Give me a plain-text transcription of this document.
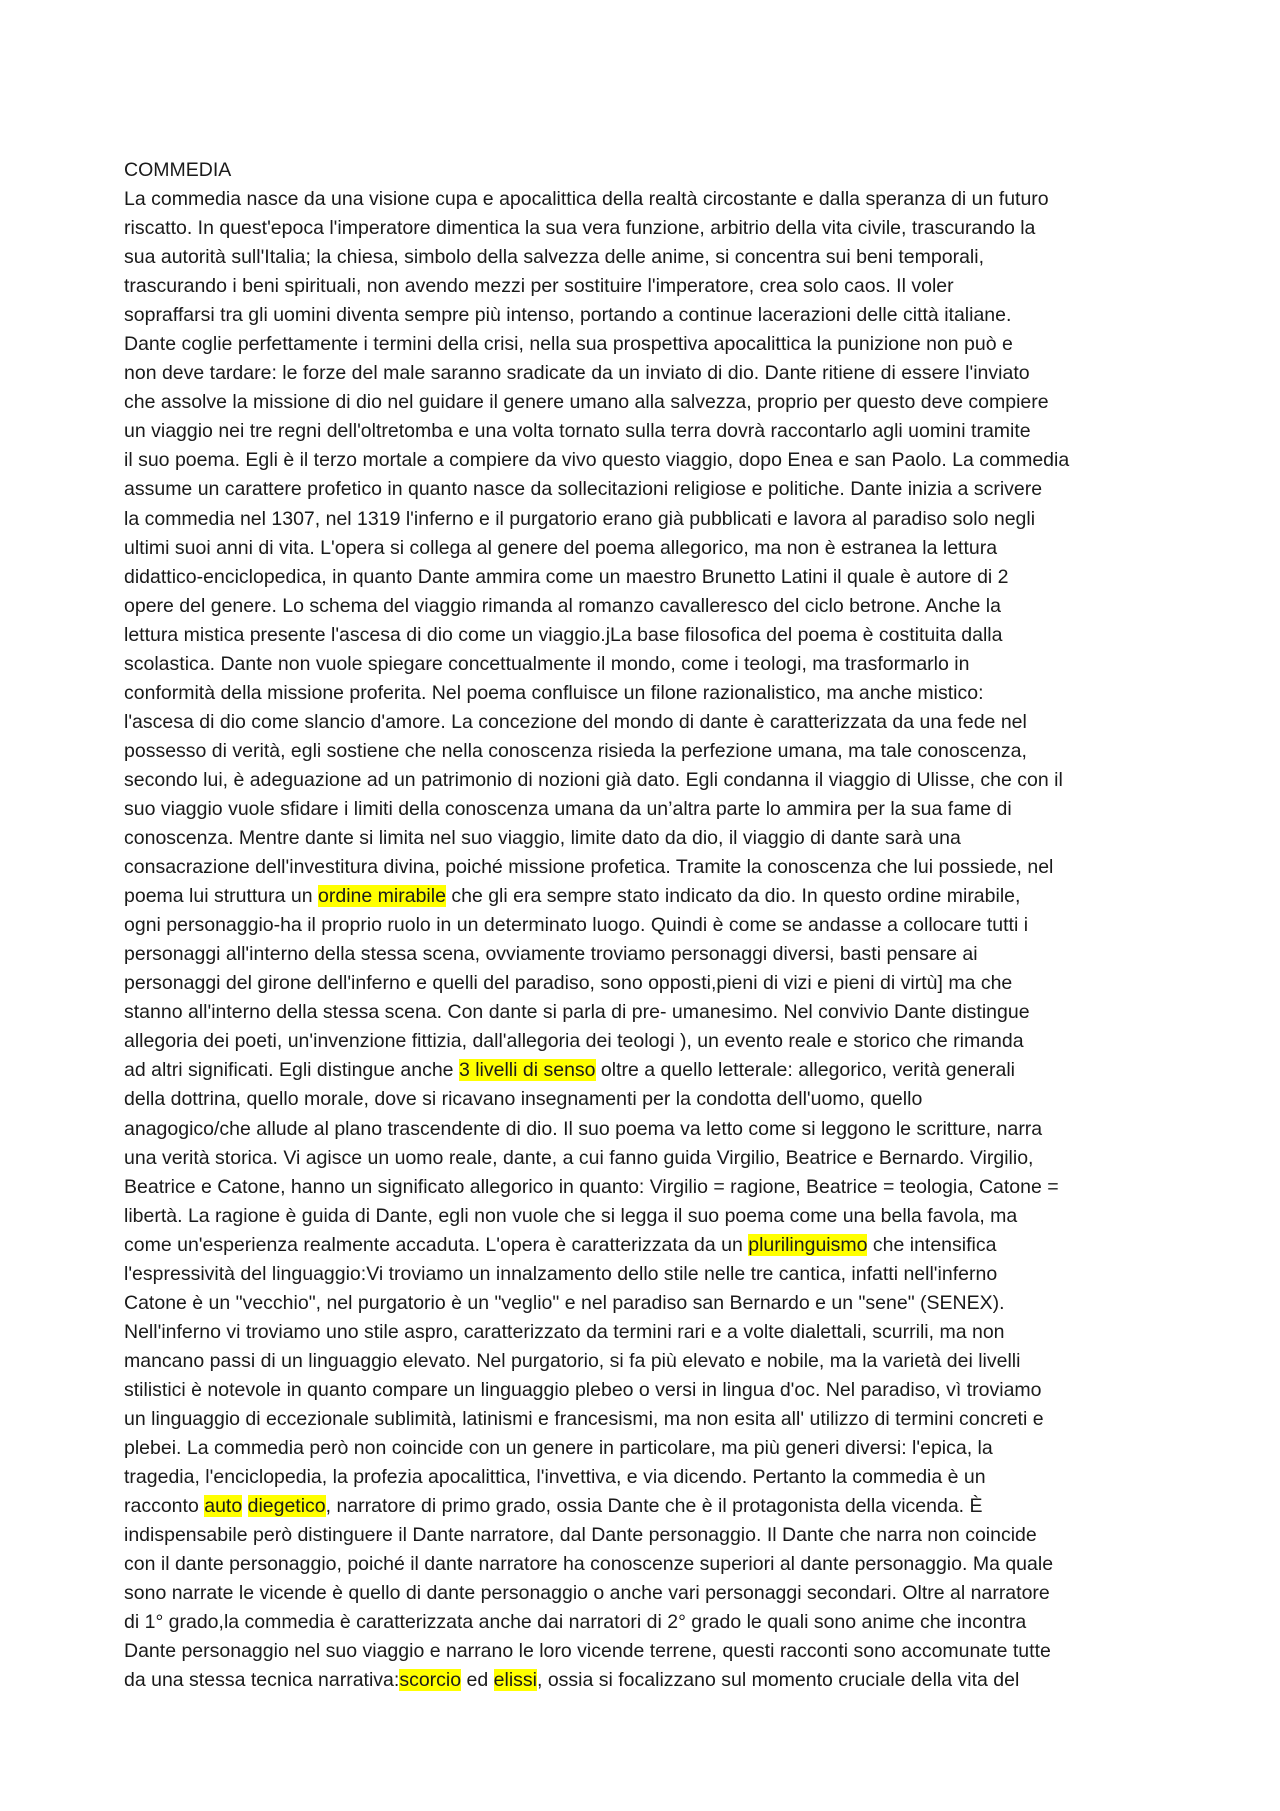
COMMEDIA
La commedia nasce da una visione cupa e apocalittica della realtà circostante e dalla speranza di un futuro
riscatto. In quest'epoca l'imperatore dimentica la sua vera funzione, arbitrio della vita civile, trascurando la
sua autorità sull'Italia; la chiesa, simbolo della salvezza delle anime, si concentra sui beni temporali,
trascurando i beni spirituali, non avendo mezzi per sostituire l'imperatore, crea solo caos. Il voler
sopraffarsi tra gli uomini diventa sempre più intenso, portando a continue lacerazioni delle città italiane.
Dante coglie perfettamente i termini della crisi, nella sua prospettiva apocalittica la punizione non può e
non deve tardare: le forze del male saranno sradicate da un inviato di dio. Dante ritiene di essere l'inviato
che assolve la missione di dio nel guidare il genere umano alla salvezza, proprio per questo deve compiere
un viaggio nei tre regni dell'oltretomba e una volta tornato sulla terra dovrà raccontarlo agli uomini tramite
il suo poema. Egli è il terzo mortale a compiere da vivo questo viaggio, dopo Enea e san Paolo. La commedia
assume un carattere profetico in quanto nasce da sollecitazioni religiose e politiche. Dante inizia a scrivere
la commedia nel 1307, nel 1319 l'inferno e il purgatorio erano già pubblicati e lavora al paradiso solo negli
ultimi suoi anni di vita. L'opera si collega al genere del poema allegorico, ma non è estranea la lettura
didattico-enciclopedica, in quanto Dante ammira come un maestro Brunetto Latini il quale è autore di 2
opere del genere. Lo schema del viaggio rimanda al romanzo cavalleresco del ciclo betrone. Anche la
lettura mistica presente l'ascesa di dio come un viaggio.jLa base filosofica del poema è costituita dalla
scolastica. Dante non vuole spiegare concettualmente il mondo, come i teologi, ma trasformarlo in
conformità della missione proferita. Nel poema confluisce un filone razionalistico, ma anche mistico:
l'ascesa di dio come slancio d'amore. La concezione del mondo di dante è caratterizzata da una fede nel
possesso di verità, egli sostiene che nella conoscenza risieda la perfezione umana, ma tale conoscenza,
secondo lui, è adeguazione ad un patrimonio di nozioni già dato. Egli condanna il viaggio di Ulisse, che con il
suo viaggio vuole sfidare i limiti della conoscenza umana da un’altra parte lo ammira per la sua fame di
conoscenza. Mentre dante si limita nel suo viaggio, limite dato da dio, il viaggio di dante sarà una
consacrazione dell'investitura divina, poiché missione profetica. Tramite la conoscenza che lui possiede, nel
poema lui struttura un ordine mirabile che gli era sempre stato indicato da dio. In questo ordine mirabile,
ogni personaggio-ha il proprio ruolo in un determinato luogo. Quindi è come se andasse a collocare tutti i
personaggi all'interno della stessa scena, ovviamente troviamo personaggi diversi, basti pensare ai
personaggi del girone dell'inferno e quelli del paradiso, sono opposti,pieni di vizi e pieni di virtù] ma che
stanno all'interno della stessa scena. Con dante si parla di pre- umanesimo. Nel convivio Dante distingue
allegoria dei poeti, un'invenzione fittizia, dall'allegoria dei teologi ), un evento reale e storico che rimanda
ad altri significati. Egli distingue anche 3 livelli di senso oltre a quello letterale: allegorico, verità generali
della dottrina, quello morale, dove si ricavano insegnamenti per la condotta dell'uomo, quello
anagogico/che allude al plano trascendente di dio. Il suo poema va letto come si leggono le scritture, narra
una verità storica. Vi agisce un uomo reale, dante, a cui fanno guida Virgilio, Beatrice e Bernardo. Virgilio,
Beatrice e Catone, hanno un significato allegorico in quanto: Virgilio = ragione, Beatrice = teologia, Catone =
libertà. La ragione è guida di Dante, egli non vuole che si legga il suo poema come una bella favola, ma
come un'esperienza realmente accaduta. L'opera è caratterizzata da un plurilinguismo che intensifica
l'espressività del linguaggio:Vi troviamo un innalzamento dello stile nelle tre cantica, infatti nell'inferno
Catone è un "vecchio", nel purgatorio è un "veglio" e nel paradiso san Bernardo e un "sene" (SENEX).
Nell'inferno vi troviamo uno stile aspro, caratterizzato da termini rari e a volte dialettali, scurrili, ma non
mancano passi di un linguaggio elevato. Nel purgatorio, si fa più elevato e nobile, ma la varietà dei livelli
stilistici è notevole in quanto compare un linguaggio plebeo o versi in lingua d'oc. Nel paradiso, vì troviamo
un linguaggio di eccezionale sublimità, latinismi e francesismi, ma non esita all' utilizzo di termini concreti e
plebei. La commedia però non coincide con un genere in particolare, ma più generi diversi: l'epica, la
tragedia, l'enciclopedia, la profezia apocalittica, l'invettiva, e via dicendo. Pertanto la commedia è un
racconto auto diegetico, narratore di primo grado, ossia Dante che è il protagonista della vicenda. È
indispensabile però distinguere il Dante narratore, dal Dante personaggio. Il Dante che narra non coincide
con il dante personaggio, poiché il dante narratore ha conoscenze superiori al dante personaggio. Ma quale
sono narrate le vicende è quello di dante personaggio o anche vari personaggi secondari. Oltre al narratore
di 1° grado,la commedia è caratterizzata anche dai narratori di 2° grado le quali sono anime che incontra
Dante personaggio nel suo viaggio e narrano le loro vicende terrene, questi racconti sono accomunate tutte
da una stessa tecnica narrativa:scorcio ed elissi, ossia si focalizzano sul momento cruciale della vita del
